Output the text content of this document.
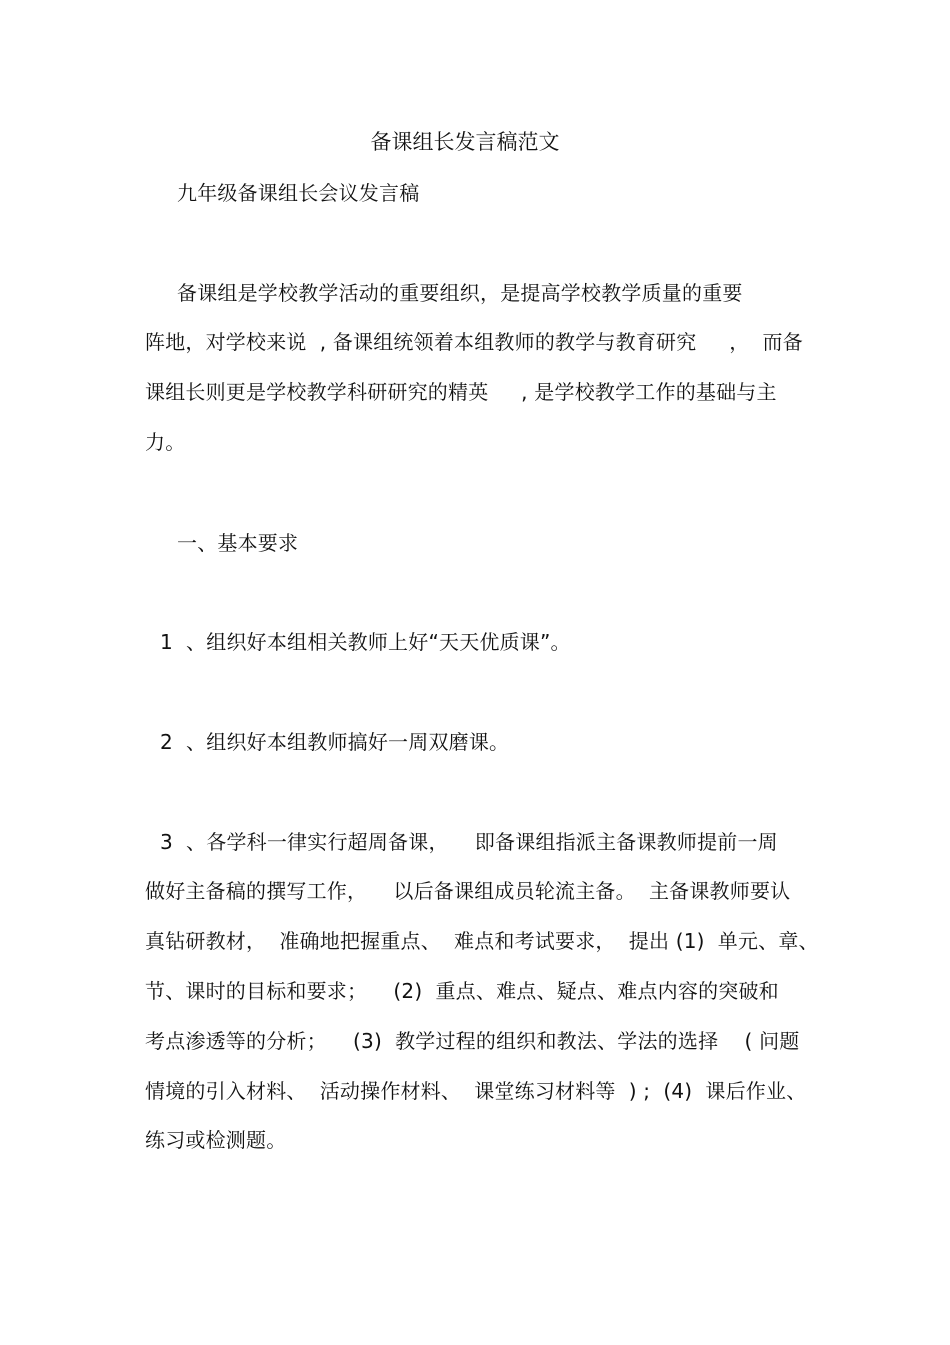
备课组长发言稿范文
九年级备课组长会议发言稿
备课组是学校教学活动的重要组织，是提高学校教学质量的重要
阵地，对学校来说  , 备课组统领着本组教师的教学与教育研究     ，  而备
课组长则更是学校教学科研研究的精英     , 是学校教学工作的基础与主
力。
一、基本要求
1  、组织好本组相关教师上好“天天优质课”。
2  、组织好本组教师搞好一周双磨课。
3  、各学科一律实行超周备课，    即备课组指派主备课教师提前一周
做好主备稿的撰写工作，    以后备课组成员轮流主备。  主备课教师要认
真钻研教材，  准确地把握重点、  难点和考试要求，  提出 (1)  单元、章、
节、课时的目标和要求；    (2)  重点、难点、疑点、难点内容的突破和
考点渗透等的分析；    (3)  教学过程的组织和教法、学法的选择    ( 问题
情境的引入材料、  活动操作材料、  课堂练习材料等  ) ;  (4)  课后作业、
练习或检测题。
